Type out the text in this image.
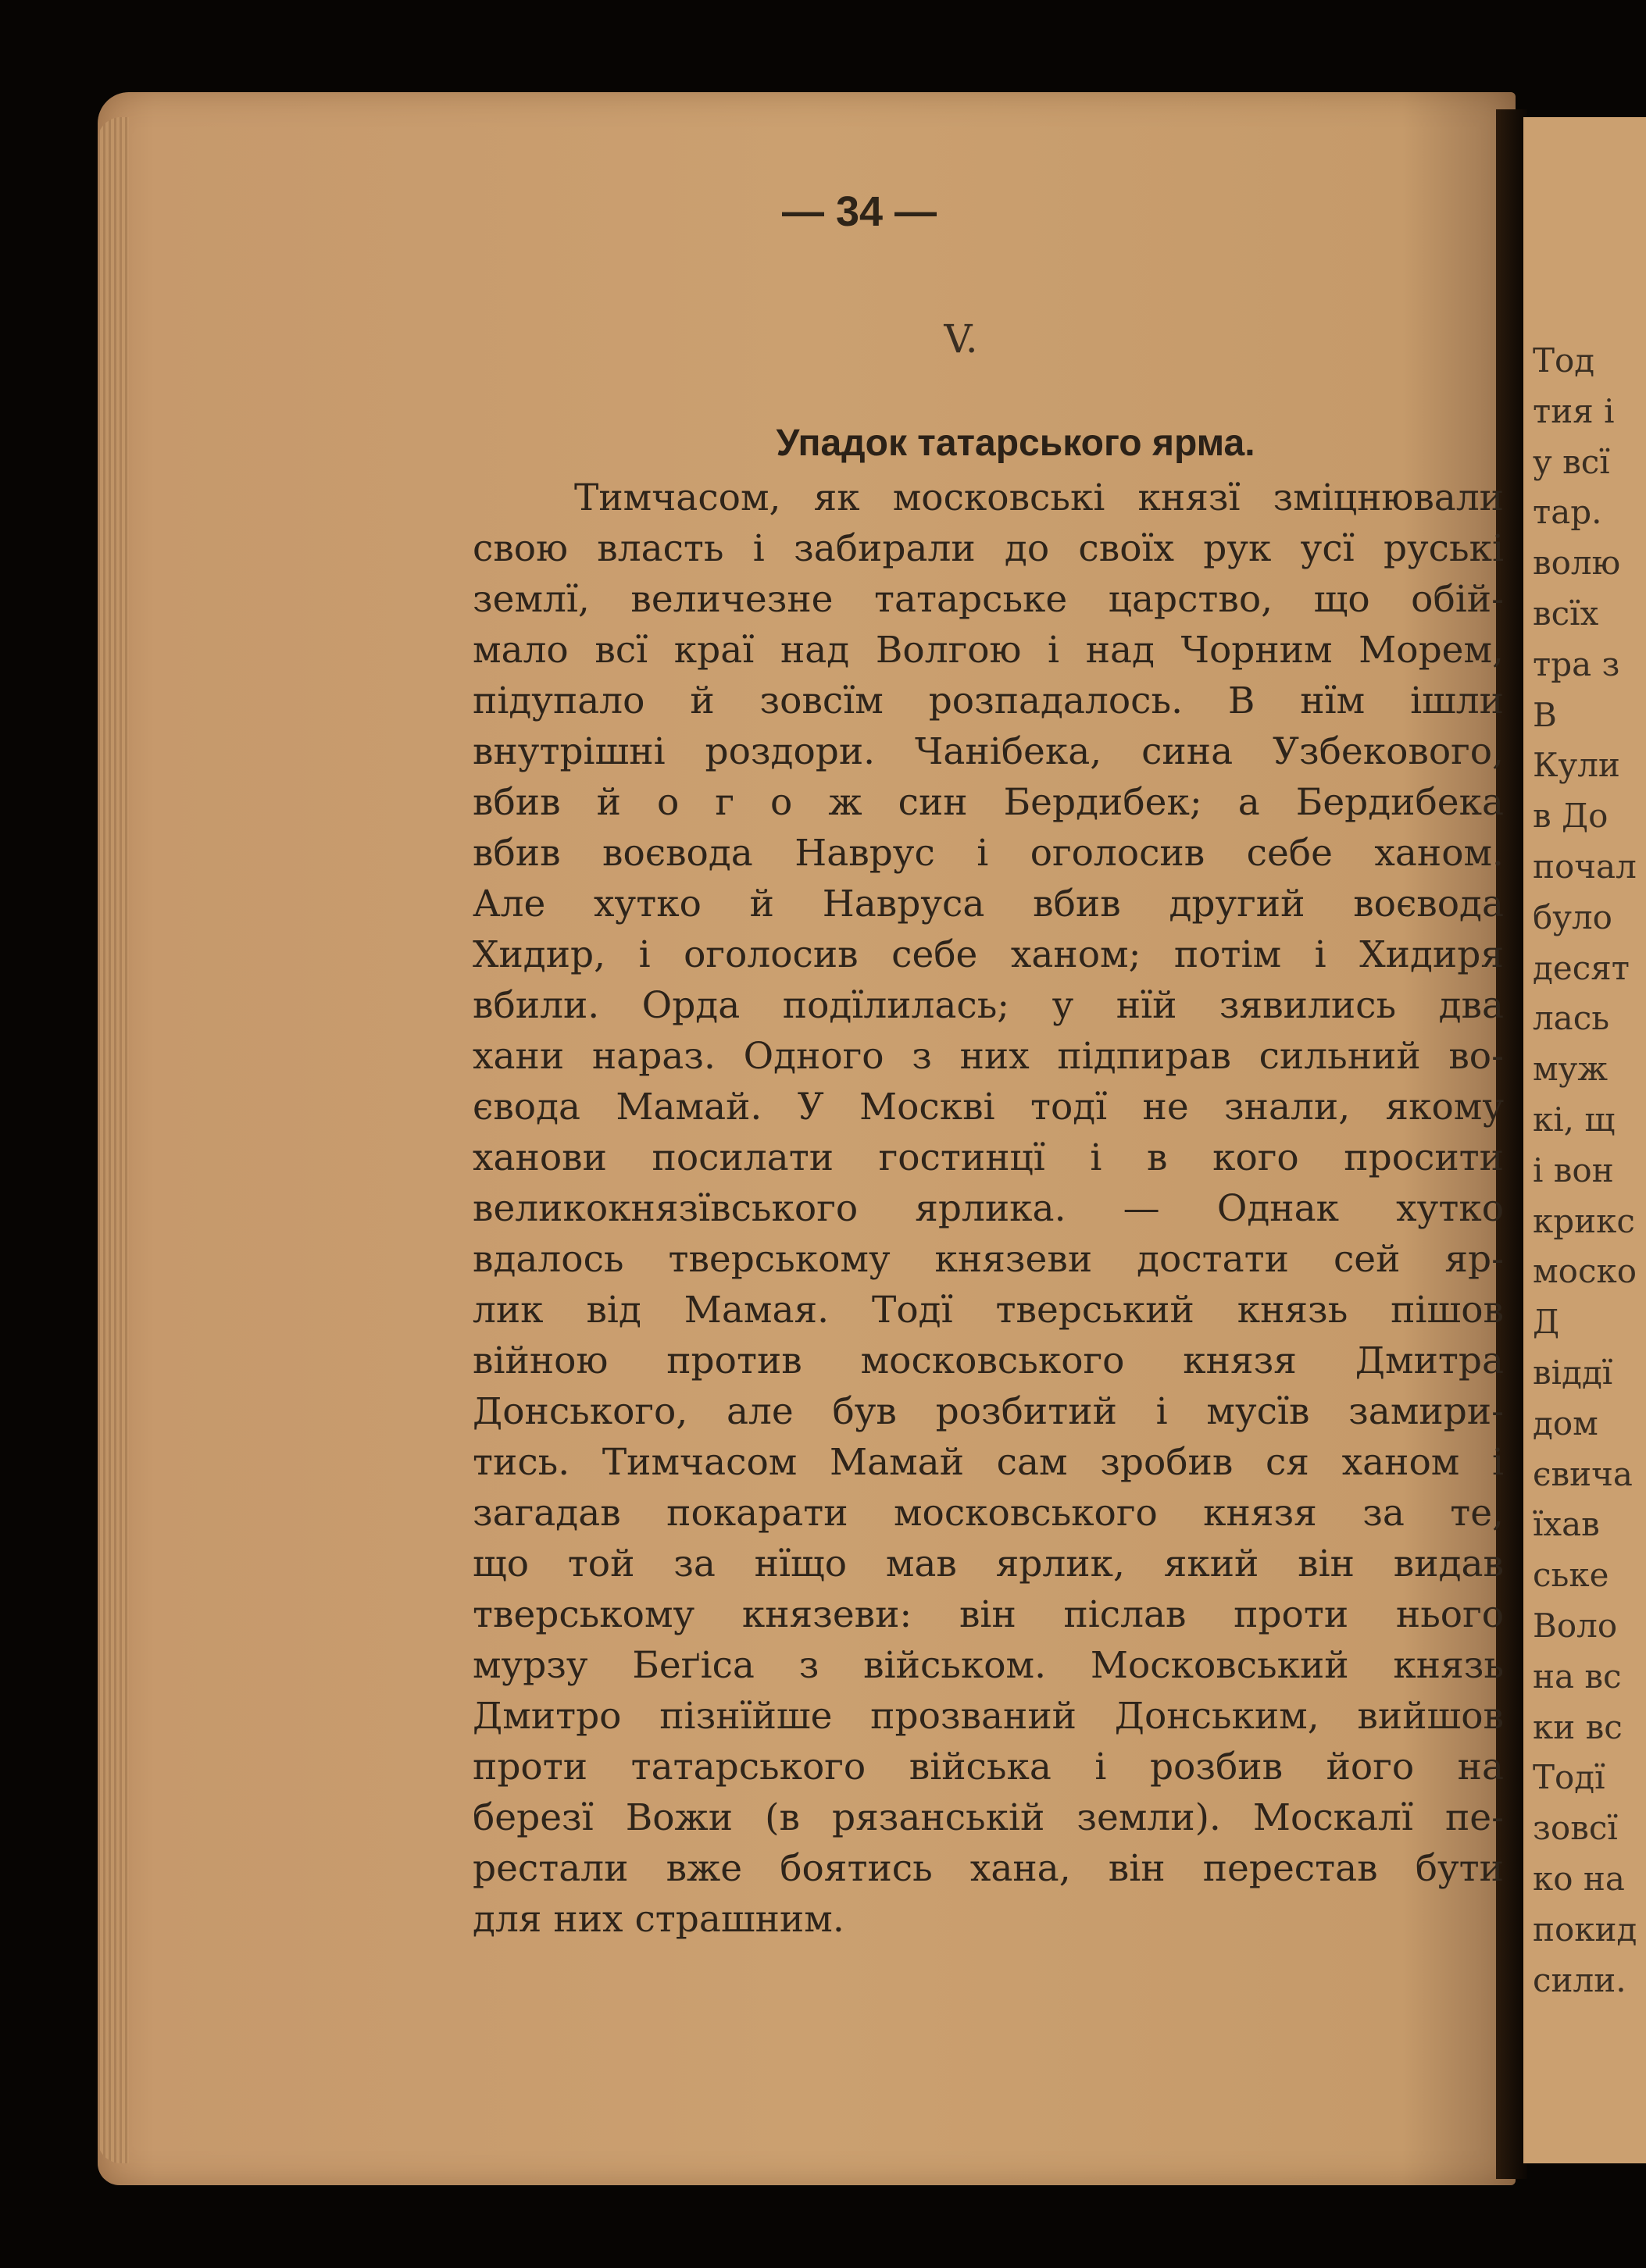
— 34 —
V.
Упадок татарського ярма.
Тимчасом, як московські князї зміцнювали
свою власть і забирали до своїх рук усї руські
землї, величезне татарське царство, що обій-
мало всї краї над Волгою і над Чорним Морем,
підупало й зовсїм розпадалось. В нїм ішли
внутрішні роздори. Чанібека, сина Узбекового,
вбив й о г о ж син Бердибек; а Бердибека
вбив воєвода Наврус і оголосив себе ханом.
Але хутко й Навруса вбив другий воєвода
Хидир, і оголосив себе ханом; потім і Хидиря
вбили. Орда подїлилась; у нїй зявились два
хани нараз. Одного з них підпирав сильний во-
євода Мамай. У Москві тодї не знали, якому
ханови посилати гостинцї і в кого просити
великокнязївського ярлика. — Однак хутко
вдалось тверському князеви достати сей яр-
лик від Мамая. Тодї тверський князь пішов
війною против московського князя Дмитра
Донського, але був розбитий і мусїв замири-
тись. Тимчасом Мамай сам зробив ся ханом і
загадав покарати московського князя за те,
що той за нїщо мав ярлик, який він видав
тверському князеви: він післав проти нього
мурзу Беґіса з військом. Московський князь
Дмитро пізнїйше прозваний Донським, вийшов
проти татарського війська і розбив його на
березї Вожи (в рязанській земли). Москалї пе-
рестали вже боятись хана, він перестав бути
для них страшним.
Тод
тия і
у всї
тар.
волю
всїх
тра з
В
Кули
в Дo
почал
було
десят
лась
муж
кі, щ
і вон
крикс
моско
Д
віддї
дом
євича
їхав
ське
Воло
на вс
ки вс
Тодї
зовсї
ко на
покид
сили.
